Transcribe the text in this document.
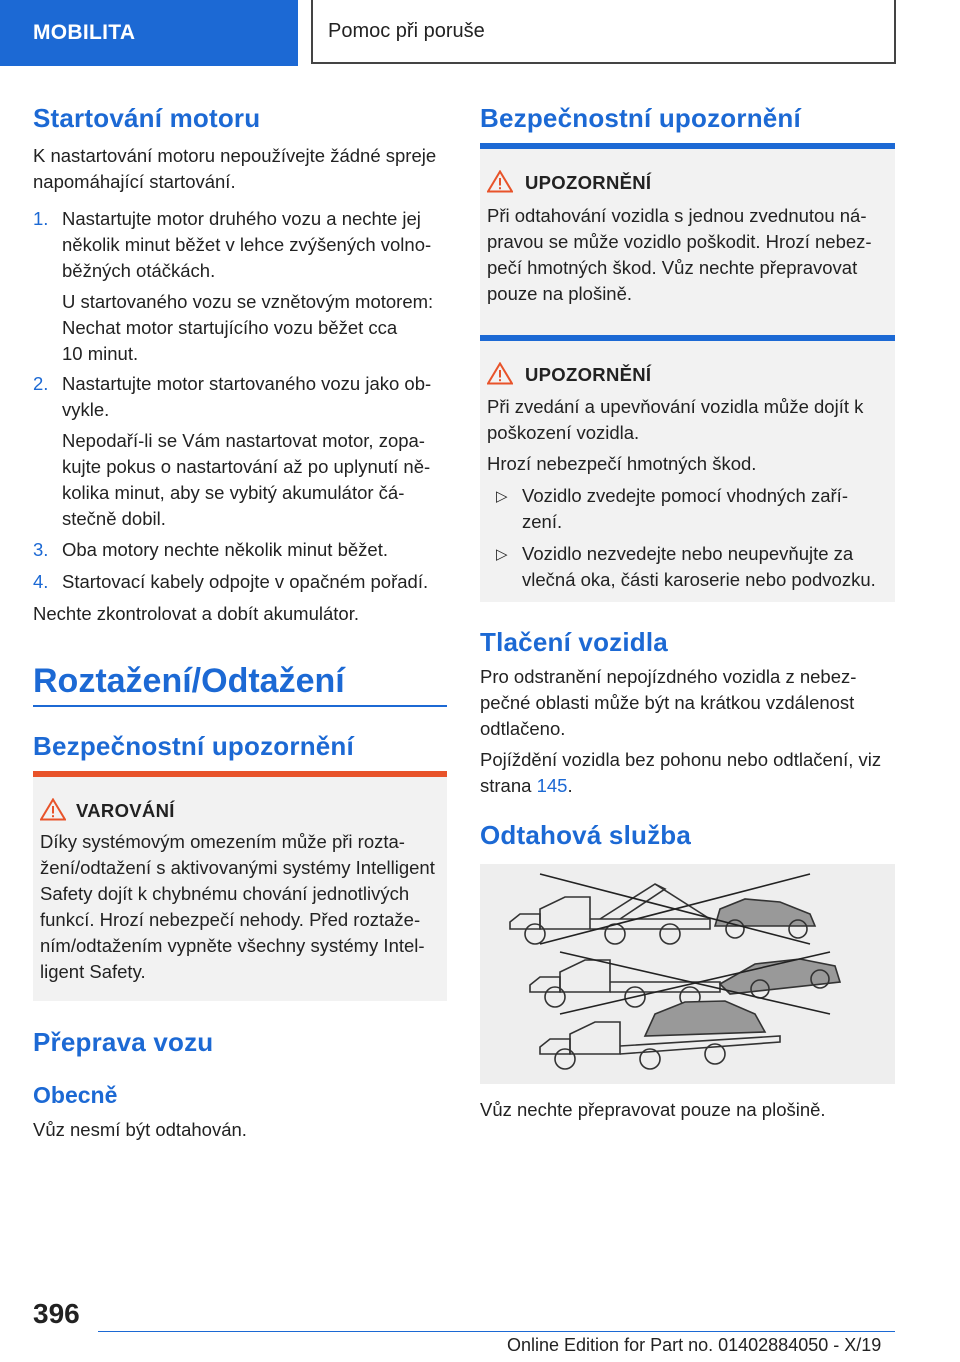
MOBILITA	Pomoc při poruše
Startování motoru
K nastartování motoru nepoužívejte žádné spreje
napomáhající startování.
1. Nastartujte motor druhého vozu a nechte jej
několik minut běžet v lehce zvýšených volno-
běžných otáčkách.
U startovaného vozu se vznětovým motorem:
Nechat motor startujícího vozu běžet cca
10 minut.
2. Nastartujte motor startovaného vozu jako ob-
vykle.
Nepodaří-li se Vám nastartovat motor, zopa-
kujte pokus o nastartování až po uplynutí ně-
kolika minut, aby se vybitý akumulátor čá-
stečně dobil.
3. Oba motory nechte několik minut běžet.
4. Startovací kabely odpojte v opačném pořadí.
Nechte zkontrolovat a dobít akumulátor.
Roztažení/Odtažení
Bezpečnostní upozornění
VAROVÁNÍ
Díky systémovým omezením může při rozta-
žení/odtažení s aktivovanými systémy Intelligent
Safety dojít k chybnému chování jednotlivých
funkcí. Hrozí nebezpečí nehody. Před roztaže-
ním/odtažením vypněte všechny systémy Intel-
ligent Safety.
Přeprava vozu
Obecně
Vůz nesmí být odtahován.
Bezpečnostní upozornění
UPOZORNĚNÍ
Při odtahování vozidla s jednou zvednutou ná-
pravou se může vozidlo poškodit. Hrozí nebez-
pečí hmotných škod. Vůz nechte přepravovat
pouze na plošině.
UPOZORNĚNÍ
Při zvedání a upevňování vozidla může dojít k
poškození vozidla.
Hrozí nebezpečí hmotných škod.
▷ Vozidlo zvedejte pomocí vhodných zaří-
zení.
▷ Vozidlo nezvedejte nebo neupevňujte za
vlečná oka, části karoserie nebo podvozku.
Tlačení vozidla
Pro odstranění nepojízdného vozidla z nebez-
pečné oblasti může být na krátkou vzdálenost
odtlačeno.
Pojíždění vozidla bez pohonu nebo odtlačení, viz
strana 145.
Odtahová služba
Vůz nechte přepravovat pouze na plošině.
396
Online Edition for Part no. 01402884050 - X/19
